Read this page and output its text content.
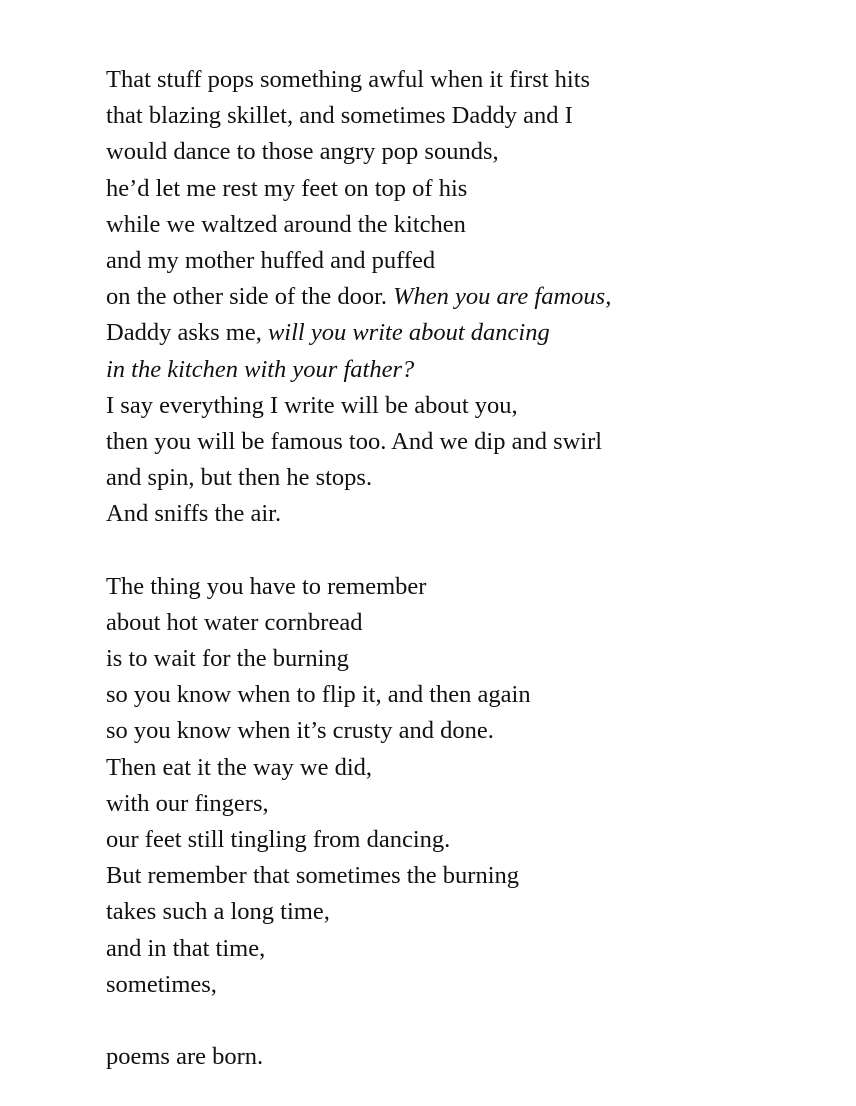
That stuff pops something awful when it first hits
that blazing skillet, and sometimes Daddy and I
would dance to those angry pop sounds,
he’d let me rest my feet on top of his
while we waltzed around the kitchen
and my mother huffed and puffed
on the other side of the door. When you are famous,
Daddy asks me, will you write about dancing
in the kitchen with your father?
I say everything I write will be about you,
then you will be famous too. And we dip and swirl
and spin, but then he stops.
And sniffs the air.
The thing you have to remember
about hot water cornbread
is to wait for the burning
so you know when to flip it, and then again
so you know when it’s crusty and done.
Then eat it the way we did,
with our fingers,
our feet still tingling from dancing.
But remember that sometimes the burning
takes such a long time,
and in that time,
sometimes,
poems are born.
